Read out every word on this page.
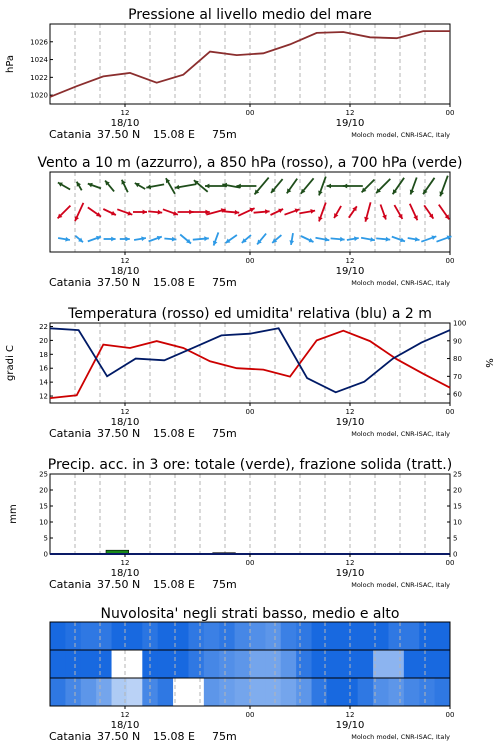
Pressione al livello medio del mare
1020
1022
1024
1026
hPa
12	00	12	00
18/10	19/10
Catania 37.50 N 15.08 E 75m	Moloch model, CNR-ISAC, Italy
Vento a 10 m (azzurro), a 850 hPa (rosso), a 700 hPa (verde)
12	00	12	00
18/10	19/10
Catania 37.50 N 15.08 E 75m	Moloch model, CNR-ISAC, Italy
Temperatura (rosso) ed umidita' relativa (blu) a 2 m
12
14
16
18
20
22
60
70
80
90
100
gradi C	%
12	00	12	00
18/10	19/10
Catania 37.50 N 15.08 E 75m	Moloch model, CNR-ISAC, Italy
Precip. acc. in 3 ore: totale (verde), frazione solida (tratt.)
0
5
10
15
20
25
0
5
10
15
20
25
mm
12	00	12	00
18/10	19/10
Catania 37.50 N 15.08 E 75m	Moloch model, CNR-ISAC, Italy
Nuvolosita' negli strati basso, medio e alto
12	00	12	00
18/10	19/10
Catania 37.50 N 15.08 E 75m	Moloch model, CNR-ISAC, Italy
